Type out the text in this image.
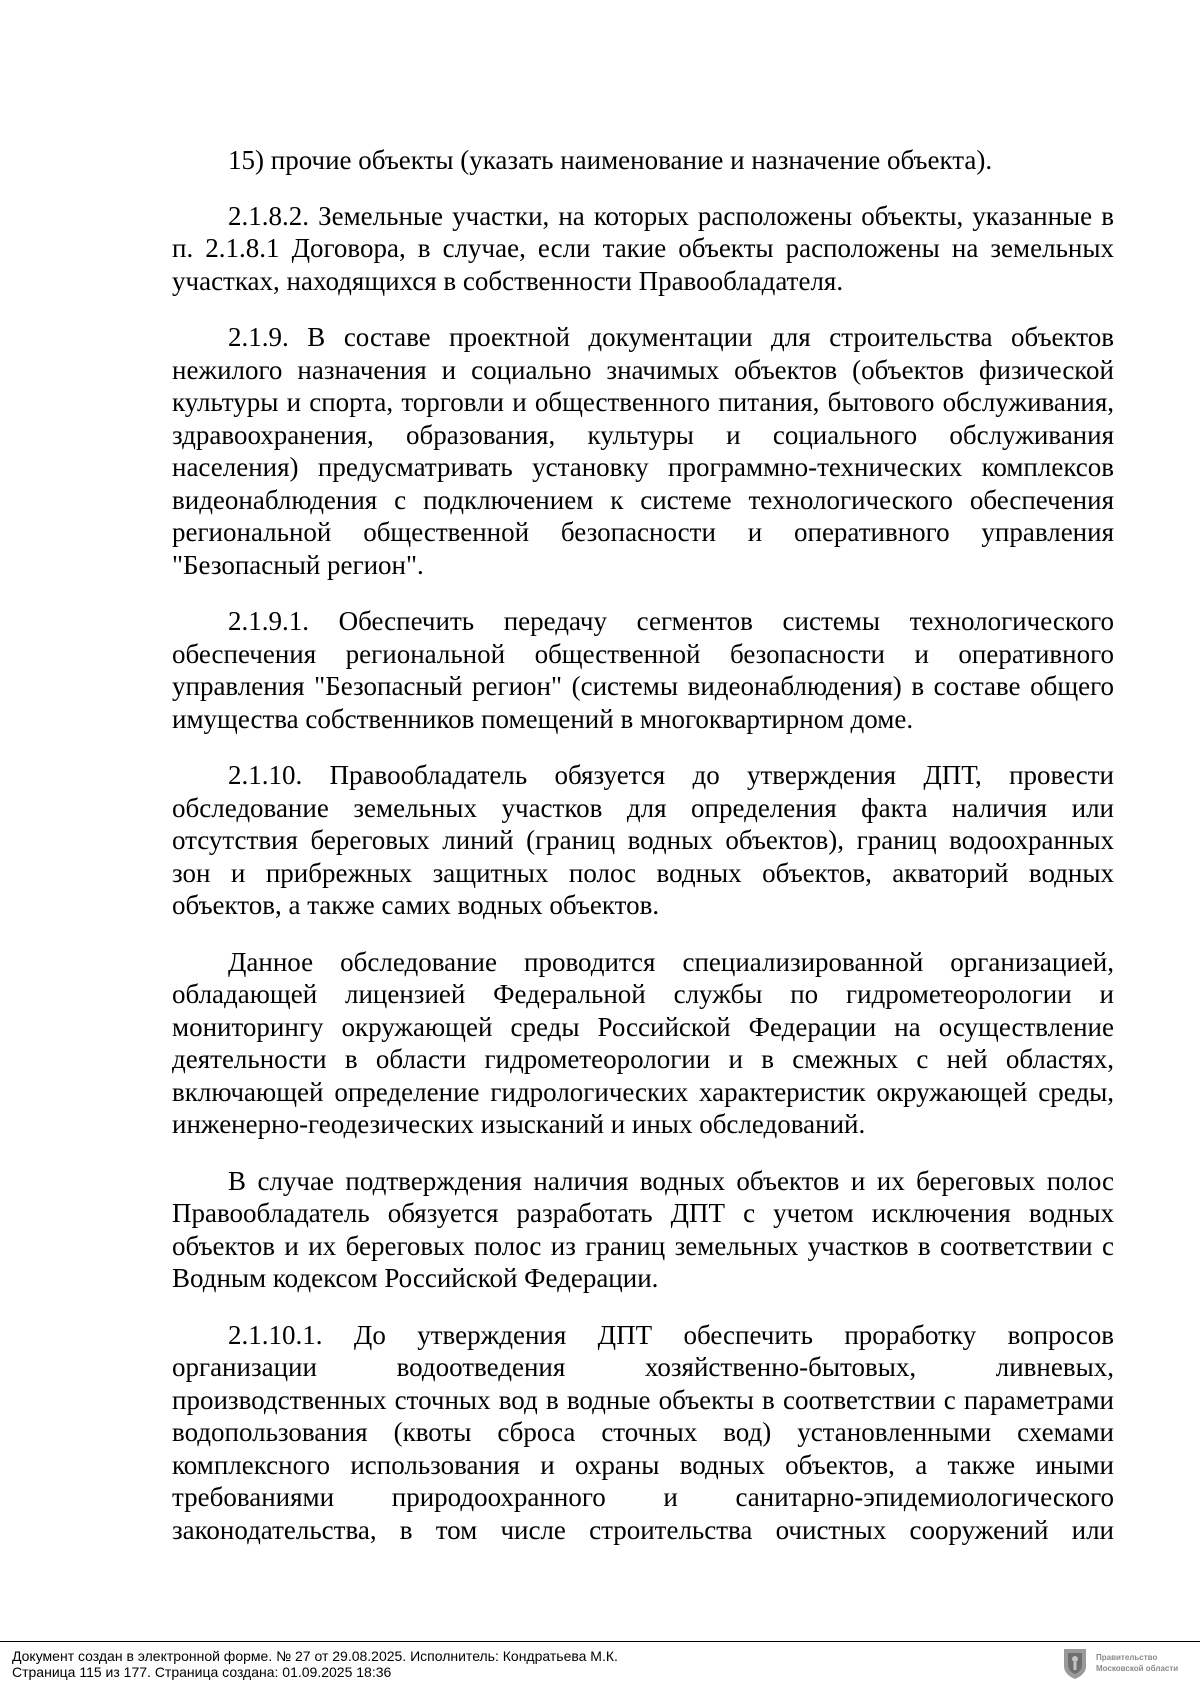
15) прочие объекты (указать наименование и назначение объекта).

2.1.8.2. Земельные участки, на которых расположены объекты, указанные в п. 2.1.8.1 Договора, в случае, если такие объекты расположены на земельных участках, находящихся в собственности Правообладателя.

2.1.9. В составе проектной документации для строительства объектов нежилого назначения и социально значимых объектов (объектов физической культуры и спорта, торговли и общественного питания, бытового обслуживания, здравоохранения, образования, культуры и социального обслуживания населения) предусматривать установку программно-технических комплексов видеонаблюдения с подключением к системе технологического обеспечения региональной общественной безопасности и оперативного управления "Безопасный регион".

2.1.9.1. Обеспечить передачу сегментов системы технологического обеспечения региональной общественной безопасности и оперативного управления "Безопасный регион" (системы видеонаблюдения) в составе общего имущества собственников помещений в многоквартирном доме.

2.1.10. Правообладатель обязуется до утверждения ДПТ, провести обследование земельных участков для определения факта наличия или отсутствия береговых линий (границ водных объектов), границ водоохранных зон и прибрежных защитных полос водных объектов, акваторий водных объектов, а также самих водных объектов.

Данное обследование проводится специализированной организацией, обладающей лицензией Федеральной службы по гидрометеорологии и мониторингу окружающей среды Российской Федерации на осуществление деятельности в области гидрометеорологии и в смежных с ней областях, включающей определение гидрологических характеристик окружающей среды, инженерно-геодезических изысканий и иных обследований.

В случае подтверждения наличия водных объектов и их береговых полос Правообладатель обязуется разработать ДПТ с учетом исключения водных объектов и их береговых полос из границ земельных участков в соответствии с Водным кодексом Российской Федерации.

2.1.10.1. До утверждения ДПТ обеспечить проработку вопросов организации водоотведения хозяйственно-бытовых, ливневых, производственных сточных вод в водные объекты в соответствии с параметрами водопользования (квоты сброса сточных вод) установленными схемами комплексного использования и охраны водных объектов, а также иными требованиями природоохранного и санитарно-эпидемиологического законодательства, в том числе строительства очистных сооружений или

Документ создан в электронной форме. № 27 от 29.08.2025. Исполнитель: Кондратьева М.К.
Страница 115 из 177. Страница создана: 01.09.2025 18:36
Правительство
Московской области
